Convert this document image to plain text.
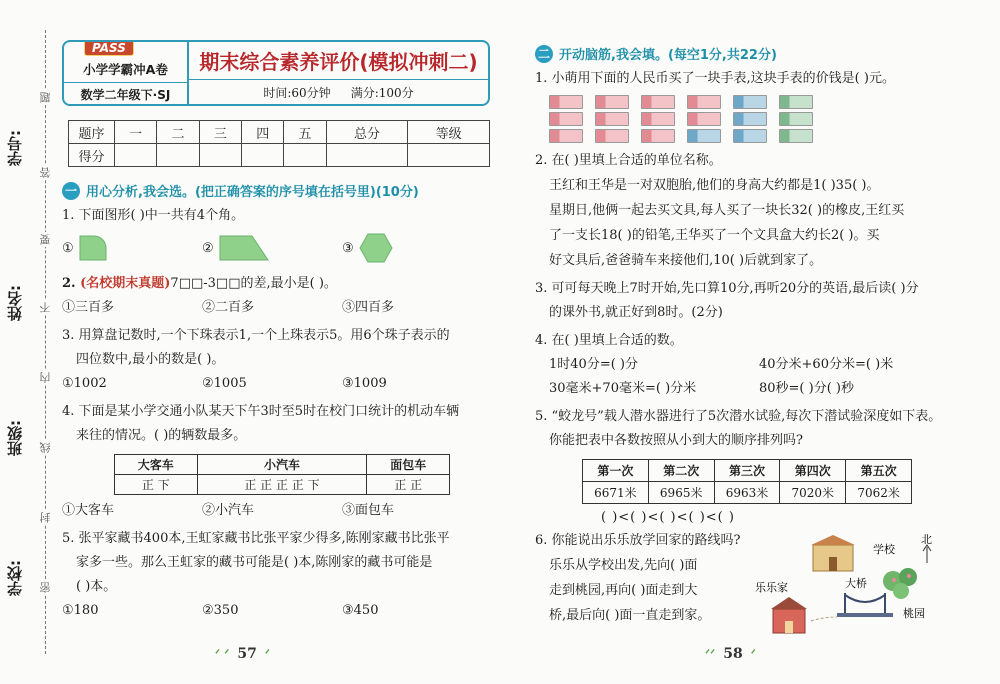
学校:
班级:
姓名:
学号:
题
答
要
不
内
线
封
密
PASS
小学学霸冲A卷
数学二年级下·SJ
期末综合素养评价(模拟冲刺二)
时间:60分钟 满分:100分
题序	一	二	三	四	五	总分	等级
得分							
一 用心分析,我会选。(把正确答案的序号填在括号里)(10分)
1. 下面图形( )中一共有4个角。
①	②	③
2. (名校期末真题)7□□-3□□的差,最小是( )。
①三百多	②二百多	③四百多
3. 用算盘记数时,一个下珠表示1,一个上珠表示5。用6个珠子表示的
四位数中,最小的数是( )。
①1002	②1005	③1009
4. 下面是某小学交通小队某天下午3时至5时在校门口统计的机动车辆
来往的情况。( )的辆数最多。
大客车	小汽车	面包车
正 下	正 正 正 正 下	正 正
①大客车	②小汽车	③面包车
5. 张平家藏书400本,王虹家藏书比张平家少得多,陈刚家藏书比张平
家多一些。那么王虹家的藏书可能是( )本,陈刚家的藏书可能是
( )本。
①180	②350	③450
ᐟ ᐟ 57 ᐟ
二 开动脑筋,我会填。(每空1分,共22分)
1. 小萌用下面的人民币买了一块手表,这块手表的价钱是( )元。
2. 在( )里填上合适的单位名称。
王红和王华是一对双胞胎,他们的身高大约都是1( )35( )。
星期日,他俩一起去买文具,每人买了一块长32( )的橡皮,王红买
了一支长18( )的铅笔,王华买了一个文具盒大约长2( )。买
好文具后,爸爸骑车来接他们,10( )后就到家了。
3. 可可每天晚上7时开始,先口算10分,再听20分的英语,最后读( )分
的课外书,就正好到8时。(2分)
4. 在( )里填上合适的数。
1时40分=( )分	40分米+60分米=( )米
30毫米+70毫米=( )分米	80秒=( )分( )秒
5. “蛟龙号”载人潜水器进行了5次潜水试验,每次下潜试验深度如下表。
你能把表中各数按照从小到大的顺序排列吗?
第一次	第二次	第三次	第四次	第五次
6671米	6965米	6963米	7020米	7062米
( )<( )<( )<( )<( )
6. 你能说出乐乐放学回家的路线吗?
乐乐从学校出发,先向( )面
走到桃园,再向( )面走到大
桥,最后向( )面一直走到家。
学校
北
桃园
大桥
乐乐家
ᐟᐟ 58 ᐟ
